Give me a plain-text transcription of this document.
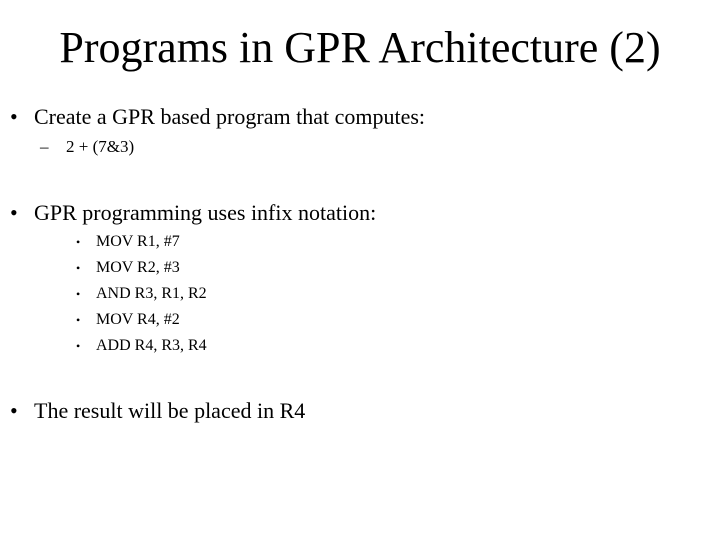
Programs in GPR Architecture (2)
• Create a GPR based program that computes:
– 2 + (7&3)
• GPR programming uses infix notation:
• MOV R1, #7
• MOV R2, #3
• AND R3, R1, R2
• MOV R4, #2
• ADD R4, R3, R4
• The result will be placed in R4
